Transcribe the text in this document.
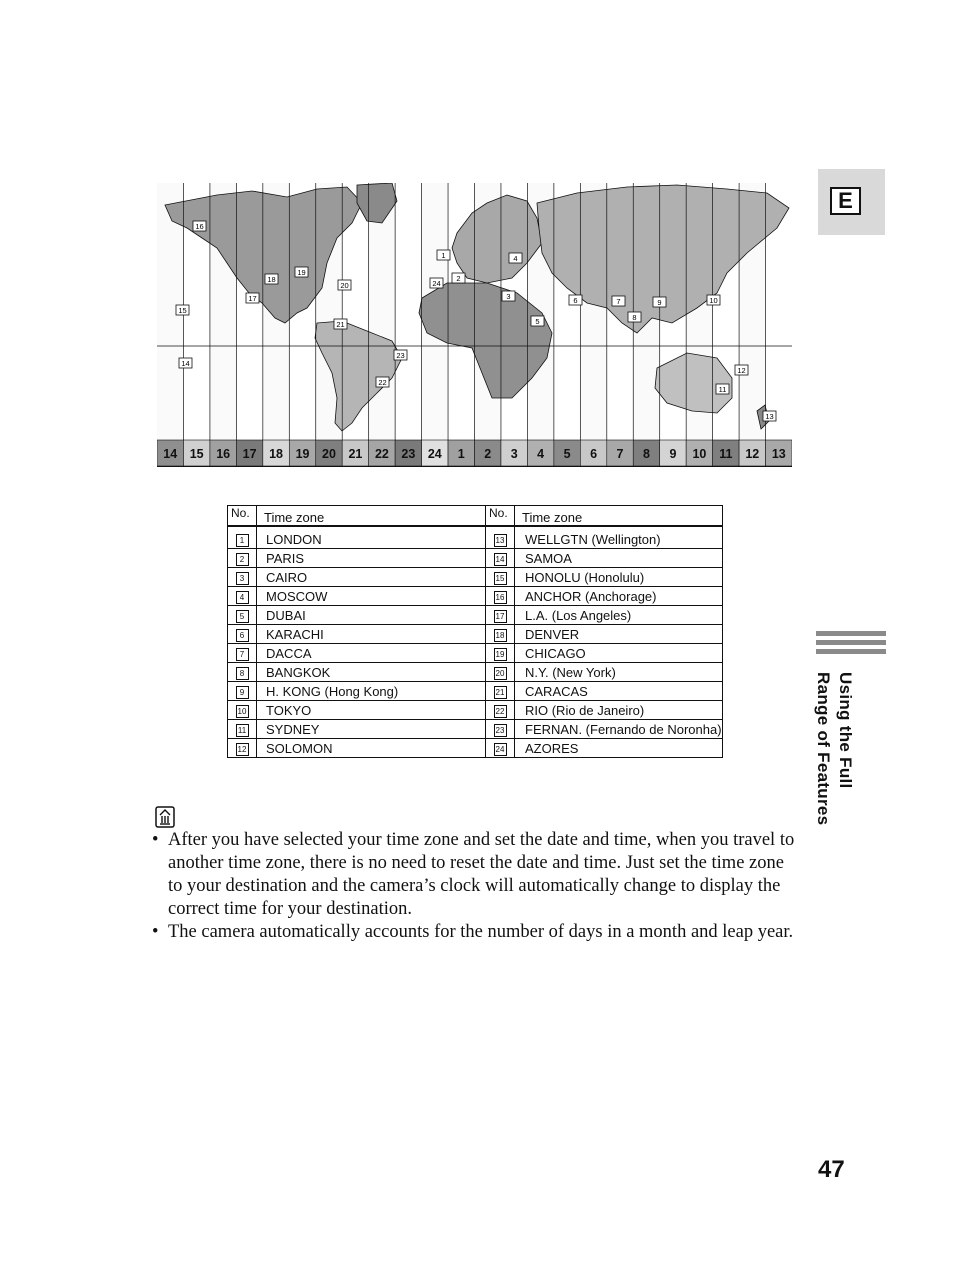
E
Using the Full
Range of Features
14 15 16 17 18 19 20 21 22 23 24 1 2 3 4 5 6 7 8 9 10 11 12 13
16
15
14
17
18
19
20
21
22
23
24
1
2
3
4
5
6	7
8
9	10
11
12
13
No.	Time zone	No.	Time zone
1	LONDON	13	WELLGTN (Wellington)
2	PARIS	14	SAMOA
3	CAIRO	15	HONOLU (Honolulu)
4	MOSCOW	16	ANCHOR (Anchorage)
5	DUBAI	17	L.A. (Los Angeles)
6	KARACHI	18	DENVER
7	DACCA	19	CHICAGO
8	BANGKOK	20	N.Y. (New York)
9	H. KONG (Hong Kong)	21	CARACAS
10	TOKYO	22	RIO (Rio de Janeiro)
11	SYDNEY	23	FERNAN. (Fernando de Noronha)
12	SOLOMON	24	AZORES
• After you have selected your time zone and set the date and time, when you travel to another time zone, there is no need to reset the date and time. Just set the time zone to your destination and the camera’s clock will automatically change to display the correct time for your destination.
• The camera automatically accounts for the number of days in a month and leap year.
47
